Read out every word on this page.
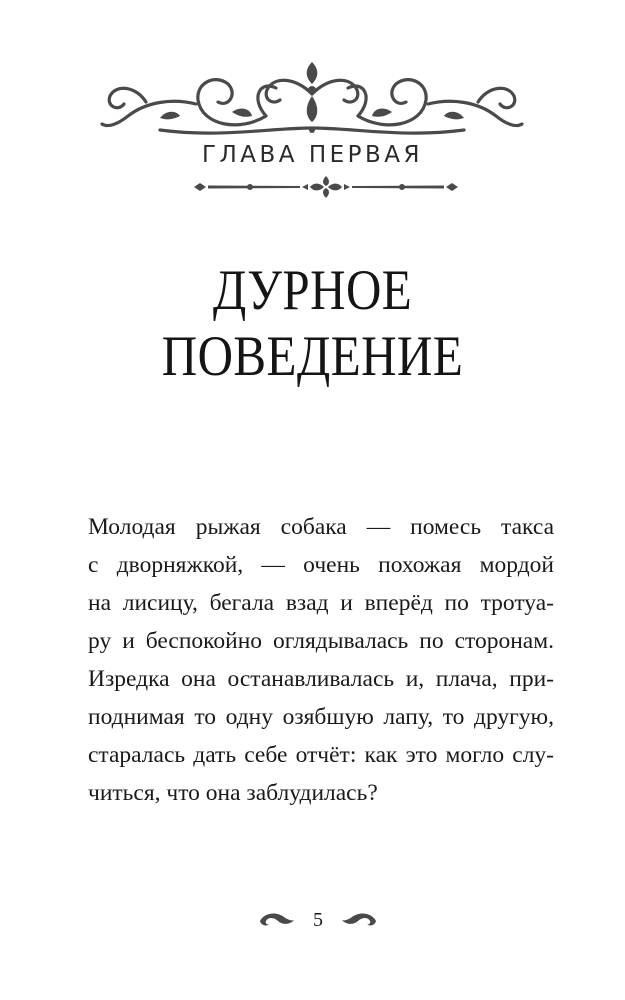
ГЛАВА ПЕРВАЯ
ДУРНОЕ
ПОВЕДЕНИЕ
Молодая рыжая собака — помесь такса
с дворняжкой, — очень похожая мордой
на лисицу, бегала взад и вперёд по тротуа-
ру и беспокойно оглядывалась по сторонам.
Изредка она останавливалась и, плача, при-
поднимая то одну озябшую лапу, то другую,
старалась дать себе отчёт: как это могло слу-
читься, что она заблудилась?
5
